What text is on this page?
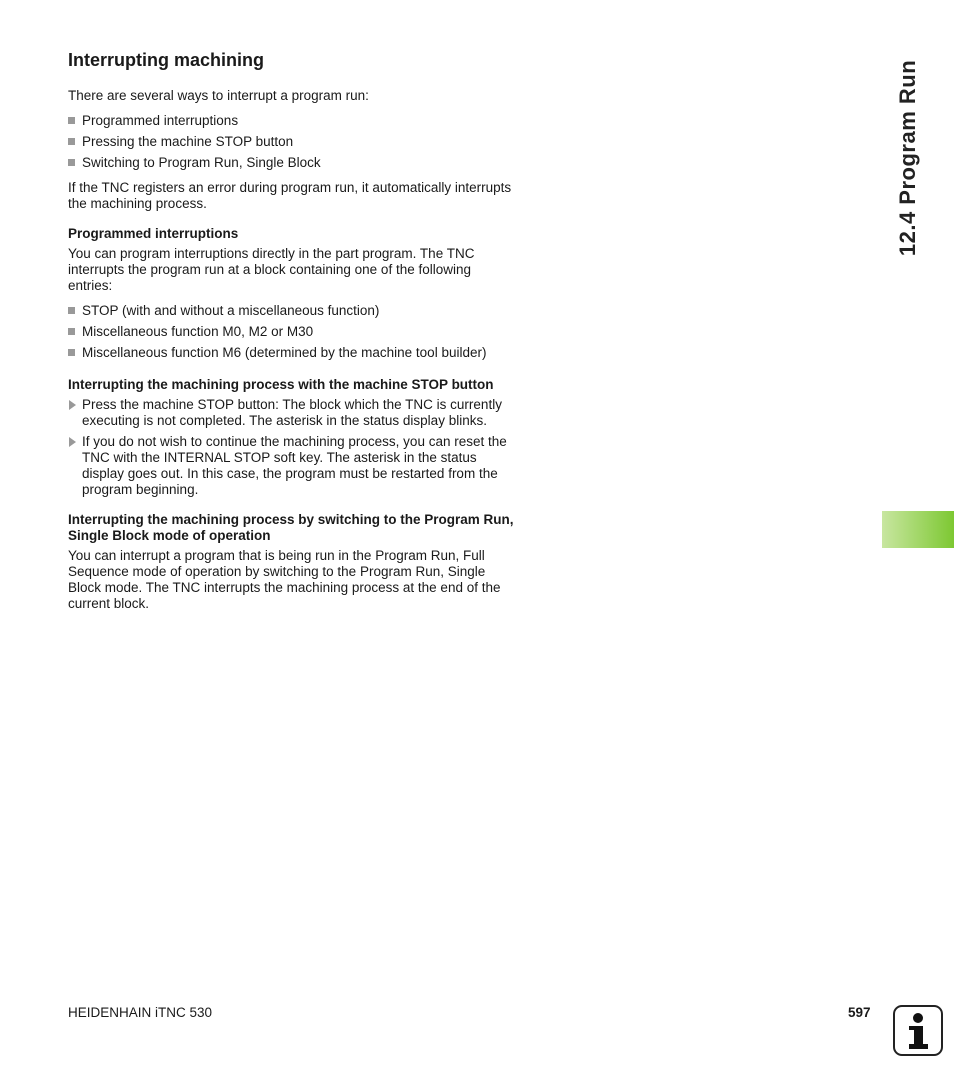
Interrupting machining

There are several ways to interrupt a program run:

Programmed interruptions
Pressing the machine STOP button
Switching to Program Run, Single Block

If the TNC registers an error during program run, it automatically interrupts the machining process.

Programmed interruptions

You can program interruptions directly in the part program. The TNC interrupts the program run at a block containing one of the following entries:

STOP (with and without a miscellaneous function)
Miscellaneous function M0, M2 or M30
Miscellaneous function M6 (determined by the machine tool builder)
Interrupting the machining process with the machine STOP button
Press the machine STOP button: The block which the TNC is currently executing is not completed. The asterisk in the status display blinks.
If you do not wish to continue the machining process, you can reset the TNC with the INTERNAL STOP soft key. The asterisk in the status display goes out. In this case, the program must be restarted from the program beginning.
Interrupting the machining process by switching to the Program Run, Single Block mode of operation

You can interrupt a program that is being run in the Program Run, Full Sequence mode of operation by switching to the Program Run, Single Block mode. The TNC interrupts the machining process at the end of the current block.

12.4 Program Run
HEIDENHAIN iTNC 530	597
